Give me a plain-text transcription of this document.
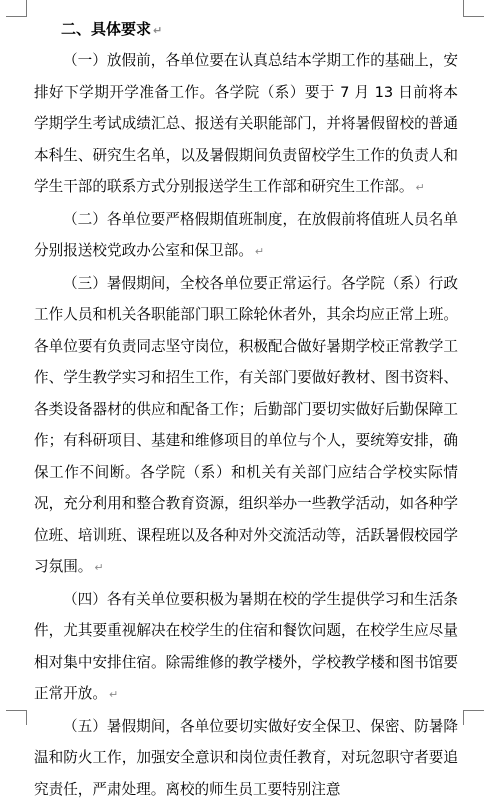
二、具体要求 ↵

（一）放假前，各单位要在认真总结本学期工作的基础上，安排好下学期开学准备工作。各学院（系）要于 7 月 13 日前将本学期学生考试成绩汇总、报送有关职能部门，并将暑假留校的普通本科生、研究生名单，以及暑假期间负责留校学生工作的负责人和学生干部的联系方式分别报送学生工作部和研究生工作部。 ↵

（二）各单位要严格假期值班制度，在放假前将值班人员名单分别报送校党政办公室和保卫部。 ↵

（三）暑假期间，全校各单位要正常运行。各学院（系）行政工作人员和机关各职能部门职工除轮休者外，其余均应正常上班。各单位要有负责同志坚守岗位，积极配合做好暑期学校正常教学工作、学生教学实习和招生工作，有关部门要做好教材、图书资料、各类设备器材的供应和配备工作；后勤部门要切实做好后勤保障工作；有科研项目、基建和维修项目的单位与个人，要统筹安排，确保工作不间断。各学院（系）和机关有关部门应结合学校实际情况，充分利用和整合教育资源，组织举办一些教学活动，如各种学位班、培训班、课程班以及各种对外交流活动等，活跃暑假校园学习氛围。 ↵

（四）各有关单位要积极为暑期在校的学生提供学习和生活条件，尤其要重视解决在校学生的住宿和餐饮问题，在校学生应尽量相对集中安排住宿。除需维修的教学楼外，学校教学楼和图书馆要正常开放。 ↵

（五）暑假期间，各单位要切实做好安全保卫、保密、防暑降温和防火工作，加强安全意识和岗位责任教育，对玩忽职守者要追究责任，严肃处理。离校的师生员工要特别注意
